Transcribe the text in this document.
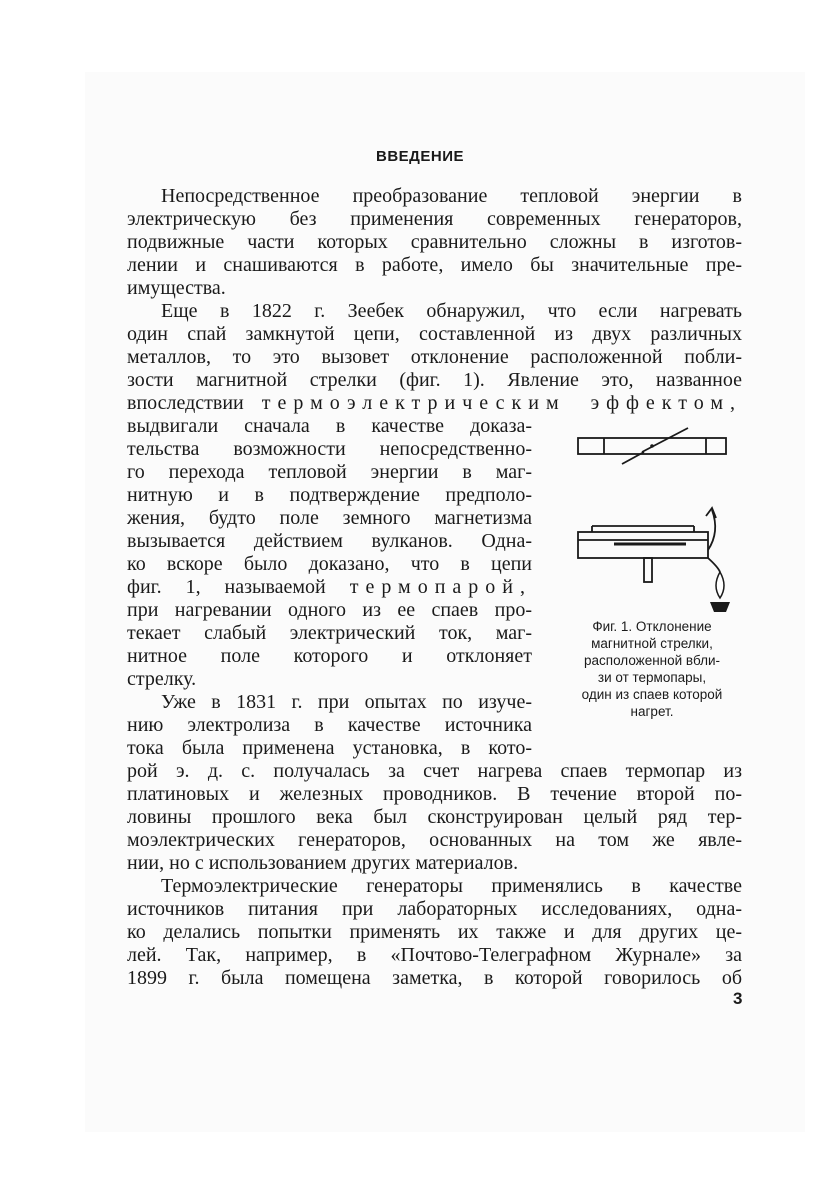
ВВЕДЕНИЕ
Непосредственное преобразование тепловой энергии в
электрическую без применения современных генераторов,
подвижные части которых сравнительно сложны в изготов-
лении и снашиваются в работе, имело бы значительные пре-
имущества.
Еще в 1822 г. Зеебек обнаружил, что если нагревать
один спай замкнутой цепи, составленной из двух различных
металлов, то это вызовет отклонение расположенной побли-
зости магнитной стрелки (фиг. 1). Явление это, названное
впоследствии термоэлектрическим эффектом,
выдвигали сначала в качестве доказа-
тельства возможности непосредственно-
го перехода тепловой энергии в маг-
нитную и в подтверждение предполо-
жения, будто поле земного магнетизма
вызывается действием вулканов. Одна-
ко вскоре было доказано, что в цепи
фиг. 1, называемой термопарой,
при нагревании одного из ее спаев про-
текает слабый электрический ток, маг-
нитное поле которого и отклоняет
стрелку.
Уже в 1831 г. при опытах по изуче-
нию электролиза в качестве источника
тока была применена установка, в кото-
рой э. д. с. получалась за счет нагрева спаев термопар из
платиновых и железных проводников. В течение второй по-
ловины прошлого века был сконструирован целый ряд тер-
моэлектрических генераторов, основанных на том же явле-
нии, но с использованием других материалов.
Термоэлектрические генераторы применялись в качестве
источников питания при лабораторных исследованиях, одна-
ко делались попытки применять их также и для других це-
лей. Так, например, в «Почтово-Телеграфном Журнале» за
1899 г. была помещена заметка, в которой говорилось об
Фиг. 1. Отклонение
магнитной стрелки,
расположенной вбли-
зи от термопары,
один из спаев которой
нагрет.
3
